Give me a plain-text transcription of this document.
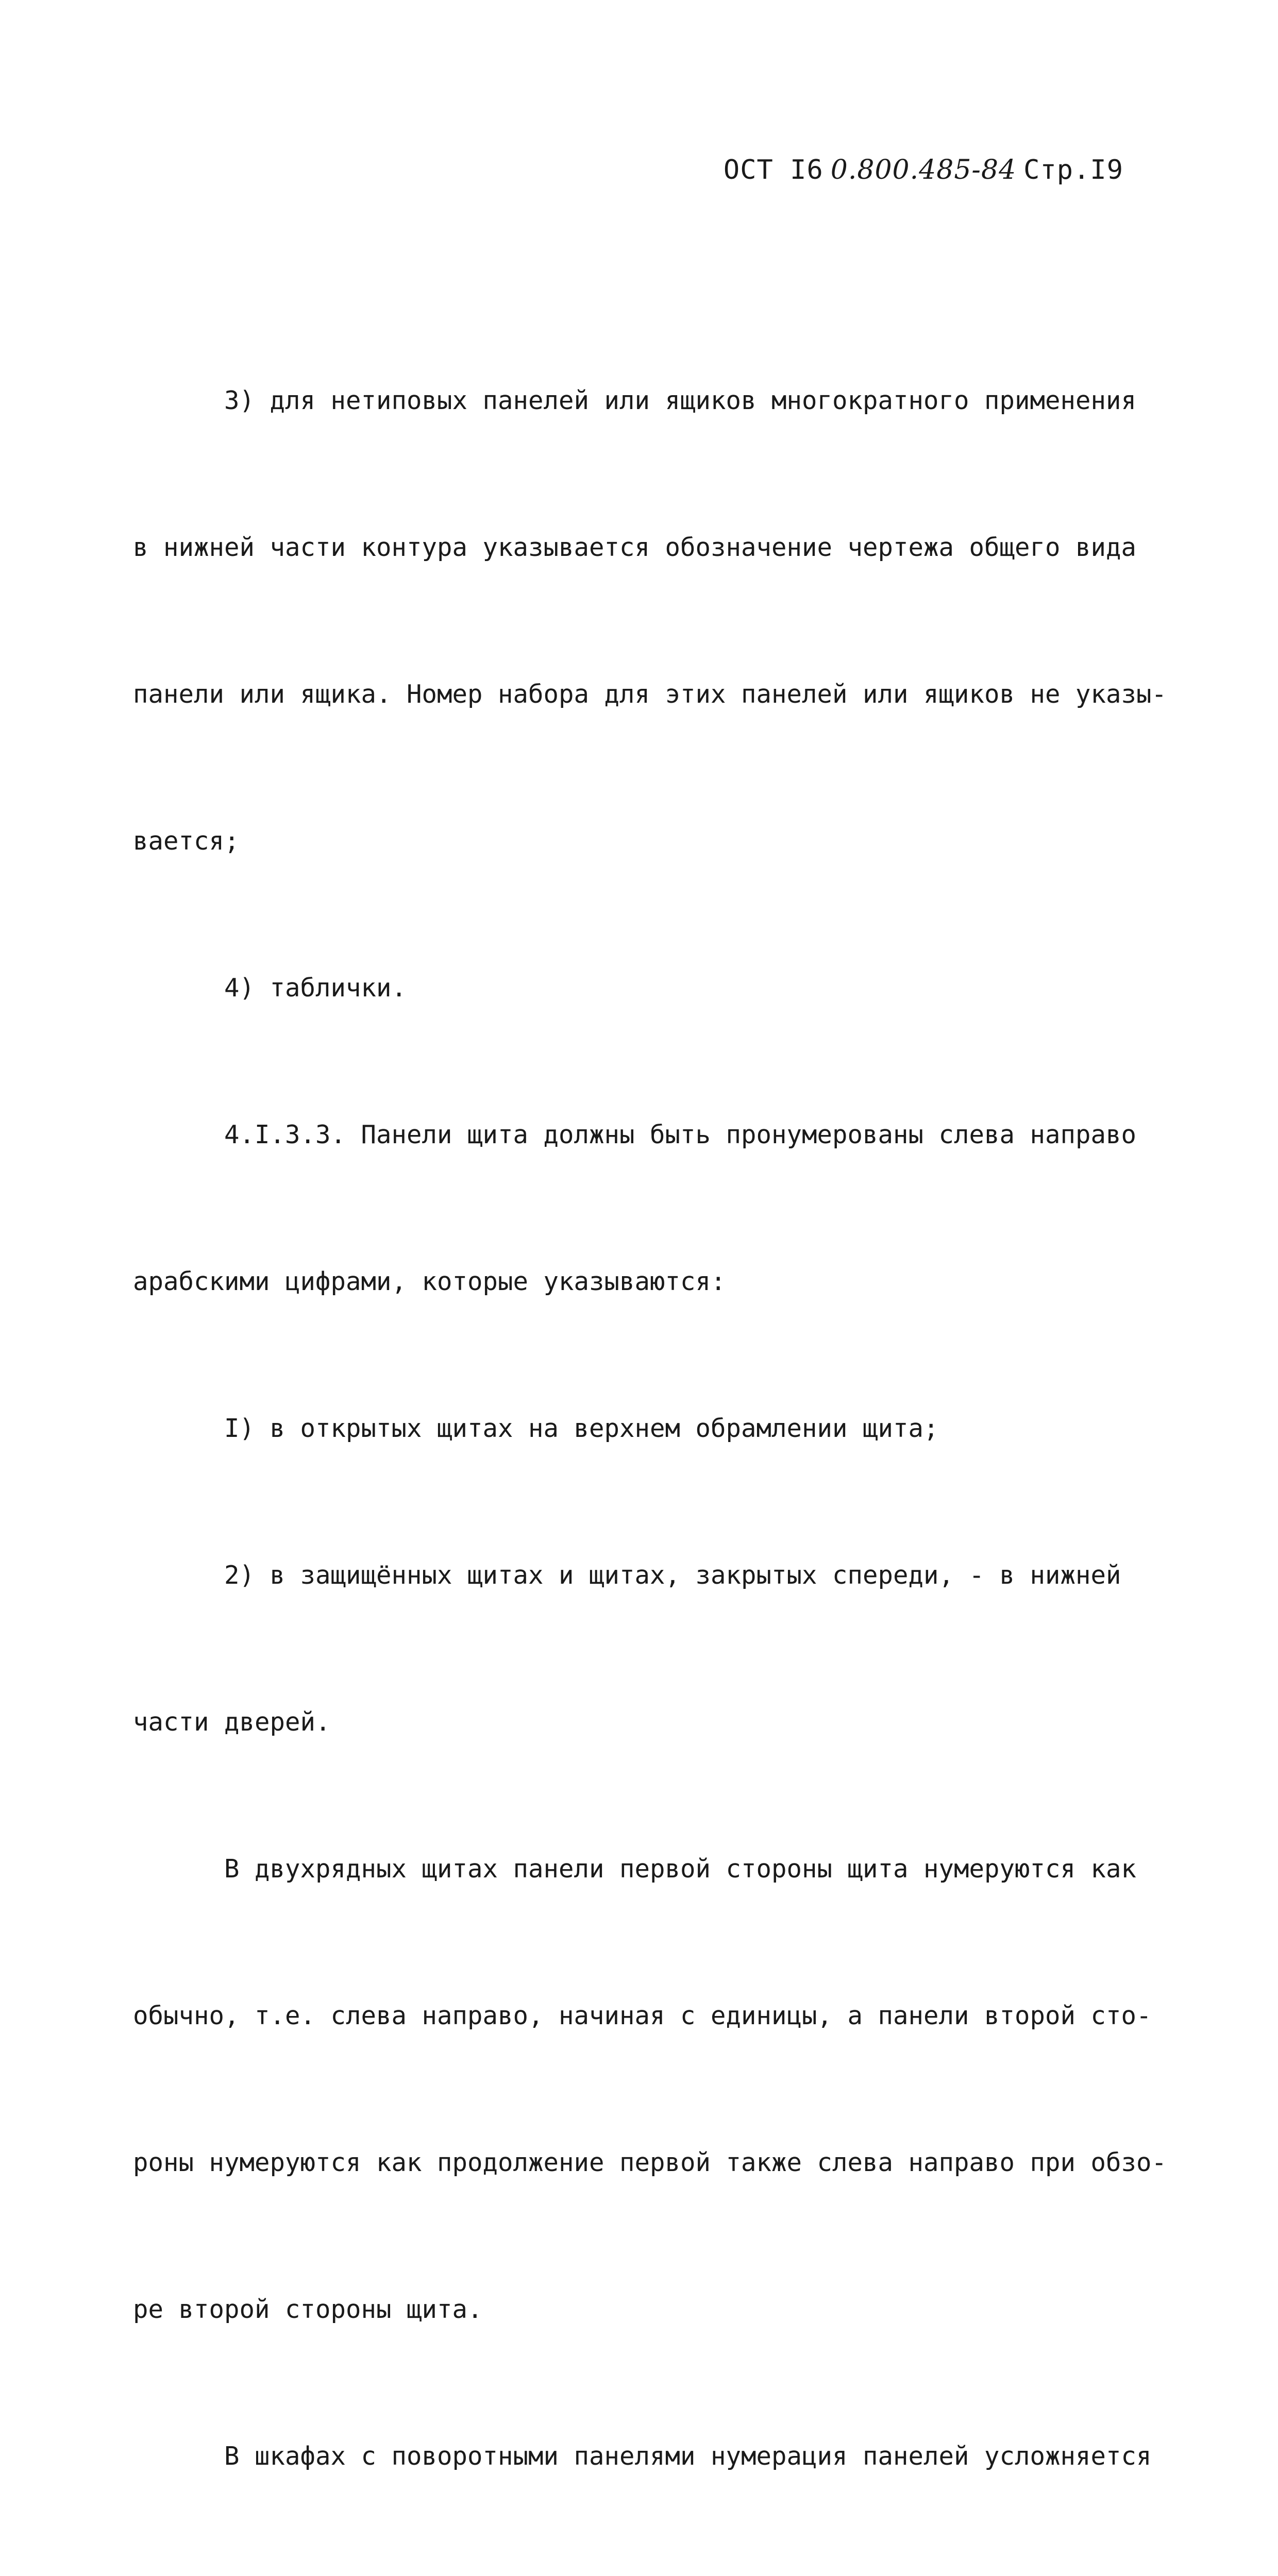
ОСТ I6 0.800.485-84 Стр.I9

3) для нетиповых панелей или ящиков многократного применения

в нижней части контура указывается обозначение чертежа общего вида

панели или ящика. Номер набора для этих панелей или ящиков не указы-

вается;

4) таблички.

4.I.3.3. Панели щита должны быть пронумерованы слева направо

арабскими цифрами, которые указываются:

I) в открытых щитах на верхнем обрамлении щита;

2) в защищённых щитах и щитах, закрытых спереди, - в нижней

части дверей.

В двухрядных щитах панели первой стороны щита нумеруются как

обычно, т.е. слева направо, начиная с единицы, а панели второй сто-

роны нумеруются как продолжение первой также слева направо при обзо-

ре второй стороны щита.

В шкафах с поворотными панелями нумерация панелей усложняется
